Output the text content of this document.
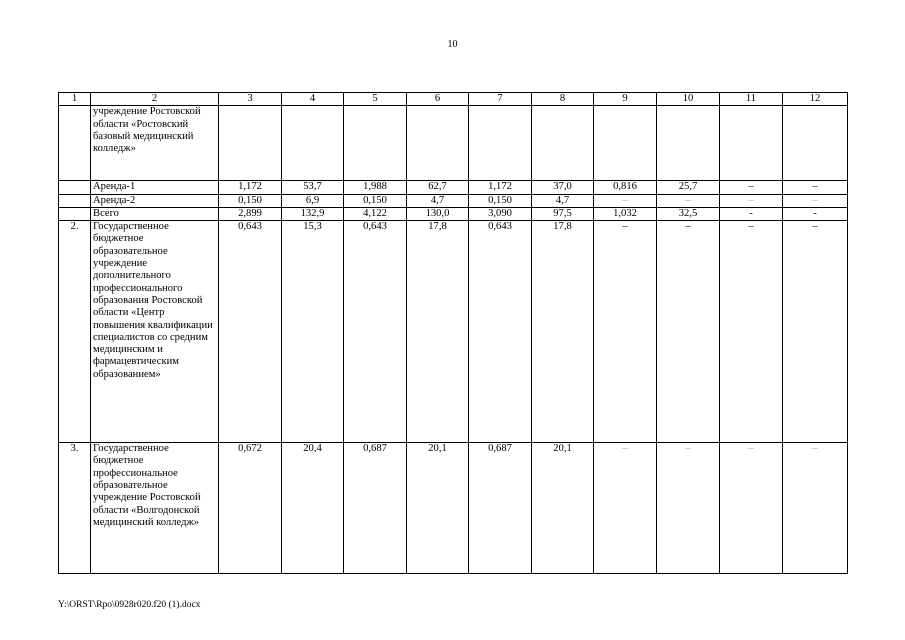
10
1	2	3	4	5	6	7	8	9	10	11	12
	учреждение Ростовской области «Ростовский базовый медицинский колледж»										
	Аренда-1	1,172	53,7	1,988	62,7	1,172	37,0	0,816	25,7	–	–
	Аренда-2	0,150	6,9	0,150	4,7	0,150	4,7	–	–	–	–
	Всего	2,899	132,9	4,122	130,0	3,090	97,5	1,032	32,5	-	-
2.	Государственное бюджетное образовательное учреждение дополнительного профессионального образования Ростовской области «Центр повышения квалификации специалистов со средним медицинским и фармацевтическим образованием»	0,643	15,3	0,643	17,8	0,643	17,8	–	–	–	–
3.	Государственное бюджетное профессиональное образовательное учреждение Ростовской области «Волгодонской медицинский колледж»	0,672	20,4	0,687	20,1	0,687	20,1	–	–	–	–
Y:\ORST\Rpo\0928r020.f20 (1).docx
